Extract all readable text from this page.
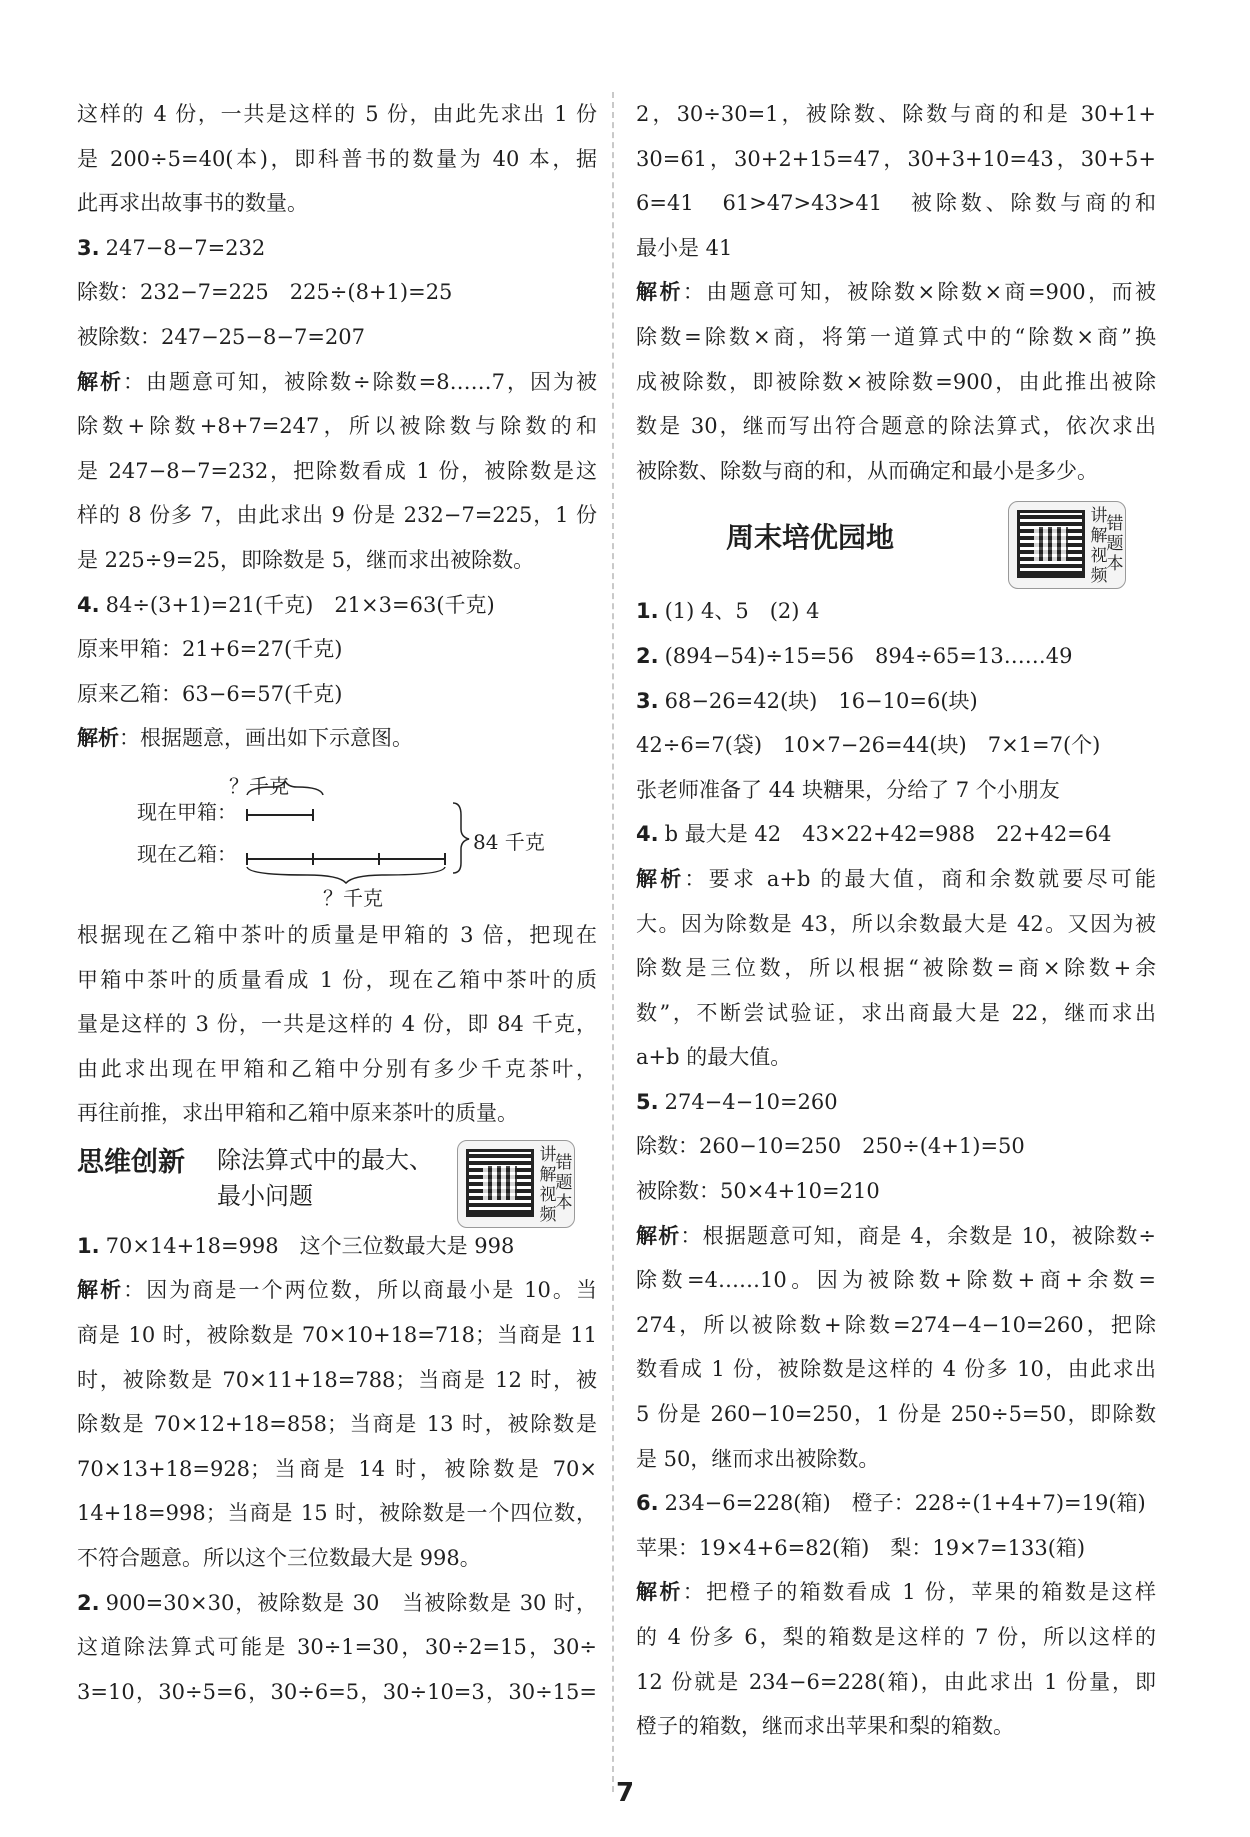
这样的 4 份，一共是这样的 5 份，由此先求出 1 份
是 200÷5=40(本)，即科普书的数量为 40 本，据
此再求出故事书的数量。
3. 247−8−7=232
除数：232−7=225　225÷(8+1)=25
被除数：247−25−8−7=207
解析：由题意可知，被除数÷除数=8……7，因为被
除数+除数+8+7=247，所以被除数与除数的和
是 247−8−7=232，把除数看成 1 份，被除数是这
样的 8 份多 7，由此求出 9 份是 232−7=225，1 份
是 225÷9=25，即除数是 5，继而求出被除数。
4. 84÷(3+1)=21(千克)　21×3=63(千克)
原来甲箱：21+6=27(千克)
原来乙箱：63−6=57(千克)
解析：根据题意，画出如下示意图。
？千克
现在甲箱：
现在乙箱：	84 千克
？千克
根据现在乙箱中茶叶的质量是甲箱的 3 倍，把现在
甲箱中茶叶的质量看成 1 份，现在乙箱中茶叶的质
量是这样的 3 份，一共是这样的 4 份，即 84 千克，
由此求出现在甲箱和乙箱中分别有多少千克茶叶，
再往前推，求出甲箱和乙箱中原来茶叶的质量。
思维创新 除法算式中的最大、
最小问题
讲
解
视
频
错
题
本
1. 70×14+18=998　这个三位数最大是 998
解析：因为商是一个两位数，所以商最小是 10。当
商是 10 时，被除数是 70×10+18=718；当商是 11
时，被除数是 70×11+18=788；当商是 12 时，被
除数是 70×12+18=858；当商是 13 时，被除数是
70×13+18=928；当商是 14 时，被除数是 70×
14+18=998；当商是 15 时，被除数是一个四位数，
不符合题意。所以这个三位数最大是 998。
2. 900=30×30，被除数是 30　当被除数是 30 时，
这道除法算式可能是 30÷1=30，30÷2=15，30÷
3=10，30÷5=6，30÷6=5，30÷10=3，30÷15=
2，30÷30=1，被除数、除数与商的和是 30+1+
30=61，30+2+15=47，30+3+10=43，30+5+
6=41　61>47>43>41　被除数、除数与商的和
最小是 41
解析：由题意可知，被除数×除数×商=900，而被
除数=除数×商，将第一道算式中的“除数×商”换
成被除数，即被除数×被除数=900，由此推出被除
数是 30，继而写出符合题意的除法算式，依次求出
被除数、除数与商的和，从而确定和最小是多少。
周末培优园地
讲
解
视
频
错
题
本
1. (1) 4、5　(2) 4
2. (894−54)÷15=56　894÷65=13……49
3. 68−26=42(块)　16−10=6(块)
42÷6=7(袋)　10×7−26=44(块)　7×1=7(个)
张老师准备了 44 块糖果，分给了 7 个小朋友
4. b 最大是 42　43×22+42=988　22+42=64
解析：要求 a+b 的最大值，商和余数就要尽可能
大。因为除数是 43，所以余数最大是 42。又因为被
除数是三位数，所以根据“被除数=商×除数+余
数”，不断尝试验证，求出商最大是 22，继而求出
a+b 的最大值。
5. 274−4−10=260
除数：260−10=250　250÷(4+1)=50
被除数：50×4+10=210
解析：根据题意可知，商是 4，余数是 10，被除数÷
除数=4……10。因为被除数+除数+商+余数=
274，所以被除数+除数=274−4−10=260，把除
数看成 1 份，被除数是这样的 4 份多 10，由此求出
5 份是 260−10=250，1 份是 250÷5=50，即除数
是 50，继而求出被除数。
6. 234−6=228(箱)　橙子：228÷(1+4+7)=19(箱)
苹果：19×4+6=82(箱)　梨：19×7=133(箱)
解析：把橙子的箱数看成 1 份，苹果的箱数是这样
的 4 份多 6，梨的箱数是这样的 7 份，所以这样的
12 份就是 234−6=228(箱)，由此求出 1 份量，即
橙子的箱数，继而求出苹果和梨的箱数。
7
